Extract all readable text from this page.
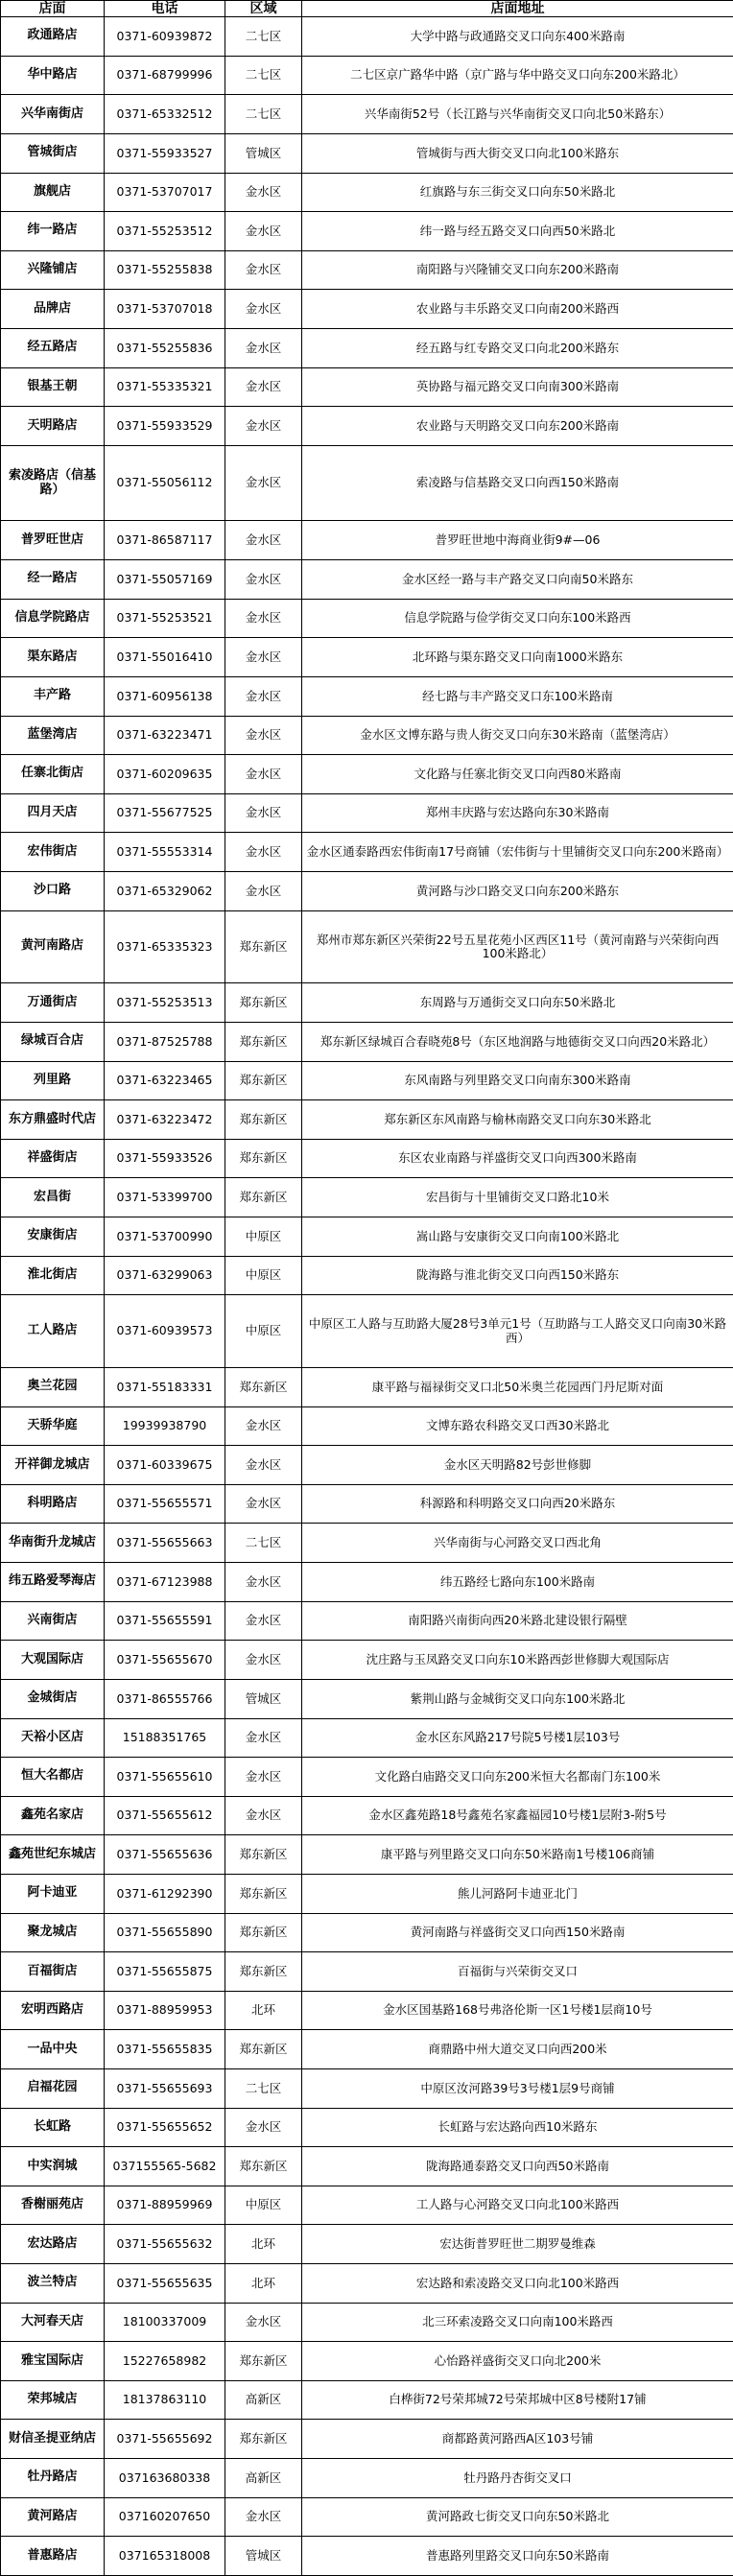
店面	电话	区域	店面地址
政通路店	0371-60939872	二七区	大学中路与政通路交叉口向东400米路南
华中路店	0371-68799996	二七区	二七区京广路华中路（京广路与华中路交叉口向东200米路北）
兴华南街店	0371-65332512	二七区	兴华南街52号（长江路与兴华南街交叉口向北50米路东）
管城街店	0371-55933527	管城区	管城街与西大街交叉口向北100米路东
旗舰店	0371-53707017	金水区	红旗路与东三街交叉口向东50米路北
纬一路店	0371-55253512	金水区	纬一路与经五路交叉口向西50米路北
兴隆铺店	0371-55255838	金水区	南阳路与兴隆铺交叉口向东200米路南
品牌店	0371-53707018	金水区	农业路与丰乐路交叉口向南200米路西
经五路店	0371-55255836	金水区	经五路与红专路交叉口向北200米路东
银基王朝	0371-55335321	金水区	英协路与福元路交叉口向南300米路南
天明路店	0371-55933529	金水区	农业路与天明路交叉口向东200米路南
索凌路店（信基路）	0371-55056112	金水区	索凌路与信基路交叉口向西150米路南
普罗旺世店	0371-86587117	金水区	普罗旺世地中海商业街9#—06
经一路店	0371-55057169	金水区	金水区经一路与丰产路交叉口向南50米路东
信息学院路店	0371-55253521	金水区	信息学院路与俭学街交叉口向东100米路西
渠东路店	0371-55016410	金水区	北环路与渠东路交叉口向南1000米路东
丰产路	0371-60956138	金水区	经七路与丰产路交叉口东100米路南
蓝堡湾店	0371-63223471	金水区	金水区文博东路与贵人街交叉口向东30米路南（蓝堡湾店）
任寨北街店	0371-60209635	金水区	文化路与任寨北街交叉口向西80米路南
四月天店	0371-55677525	金水区	郑州丰庆路与宏达路向东30米路南
宏伟街店	0371-55553314	金水区	金水区通泰路西宏伟街南17号商铺（宏伟街与十里铺街交叉口向东200米路南）
沙口路	0371-65329062	金水区	黄河路与沙口路交叉口向东200米路东
黄河南路店	0371-65335323	郑东新区	郑州市郑东新区兴荣街22号五星花苑小区西区11号（黄河南路与兴荣街向西100米路北）
万通街店	0371-55253513	郑东新区	东周路与万通街交叉口向东50米路北
绿城百合店	0371-87525788	郑东新区	郑东新区绿城百合春晓苑8号（东区地润路与地德街交叉口向西20米路北）
列里路	0371-63223465	郑东新区	东风南路与列里路交叉口向南东300米路南
东方鼎盛时代店	0371-63223472	郑东新区	郑东新区东风南路与榆林南路交叉口向东30米路北
祥盛街店	0371-55933526	郑东新区	东区农业南路与祥盛街交叉口向西300米路南
宏昌街	0371-53399700	郑东新区	宏昌街与十里铺街交叉口路北10米
安康街店	0371-53700990	中原区	嵩山路与安康街交叉口向南100米路北
淮北街店	0371-63299063	中原区	陇海路与淮北街交叉口向西150米路东
工人路店	0371-60939573	中原区	中原区工人路与互助路大厦28号3单元1号（互助路与工人路交叉口向南30米路西）
奥兰花园	0371-55183331	郑东新区	康平路与福禄街交叉口北50米奥兰花园西门丹尼斯对面
天骄华庭	19939938790	金水区	文博东路农科路交叉口西30米路北
开祥御龙城店	0371-60339675	金水区	金水区天明路82号彭世修脚
科明路店	0371-55655571	金水区	科源路和科明路交叉口向西20米路东
华南街升龙城店	0371-55655663	二七区	兴华南街与心河路交叉口西北角
纬五路爱琴海店	0371-67123988	金水区	纬五路经七路向东100米路南
兴南街店	0371-55655591	金水区	南阳路兴南街向西20米路北建设银行隔壁
大观国际店	0371-55655670	金水区	沈庄路与玉凤路交叉口向东10米路西彭世修脚大观国际店
金城街店	0371-86555766	管城区	紫荆山路与金城街交叉口向东100米路北
天裕小区店	15188351765	金水区	金水区东风路217号院5号楼1层103号
恒大名都店	0371-55655610	金水区	文化路白庙路交叉口向东200米恒大名都南门东100米
鑫苑名家店	0371-55655612	金水区	金水区鑫苑路18号鑫苑名家鑫福园10号楼1层附3-附5号
鑫苑世纪东城店	0371-55655636	郑东新区	康平路与列里路交叉口向东50米路南1号楼106商铺
阿卡迪亚	0371-61292390	郑东新区	熊儿河路阿卡迪亚北门
聚龙城店	0371-55655890	郑东新区	黄河南路与祥盛街交叉口向西150米路南
百福街店	0371-55655875	郑东新区	百福街与兴荣街交叉口
宏明西路店	0371-88959953	北环	金水区国基路168号弗洛伦斯一区1号楼1层商10号
一品中央	0371-55655835	郑东新区	商鼎路中州大道交叉口向西200米
启福花园	0371-55655693	二七区	中原区汝河路39号3号楼1层9号商铺
长虹路	0371-55655652	金水区	长虹路与宏达路向西10米路东
中实润城	037155565-5682	郑东新区	陇海路通泰路交叉口向西50米路南
香榭丽苑店	0371-88959969	中原区	工人路与心河路交叉口向北100米路西
宏达路店	0371-55655632	北环	宏达街普罗旺世二期罗曼维森
波兰特店	0371-55655635	北环	宏达路和索凌路交叉口向北100米路西
大河春天店	18100337009	金水区	北三环索凌路交叉口向南100米路西
雅宝国际店	15227658982	郑东新区	心怡路祥盛街交叉口向北200米
荣邦城店	18137863110	高新区	白桦街72号荣邦城72号荣邦城中区8号楼附17铺
财信圣提亚纳店	0371-55655692	郑东新区	商都路黄河路西A区103号铺
牡丹路店	037163680338	高新区	牡丹路丹杏街交叉口
黄河路店	037160207650	金水区	黄河路政七街交叉口向东50米路北
普惠路店	037165318008	管城区	普惠路列里路交叉口向东50米路南
